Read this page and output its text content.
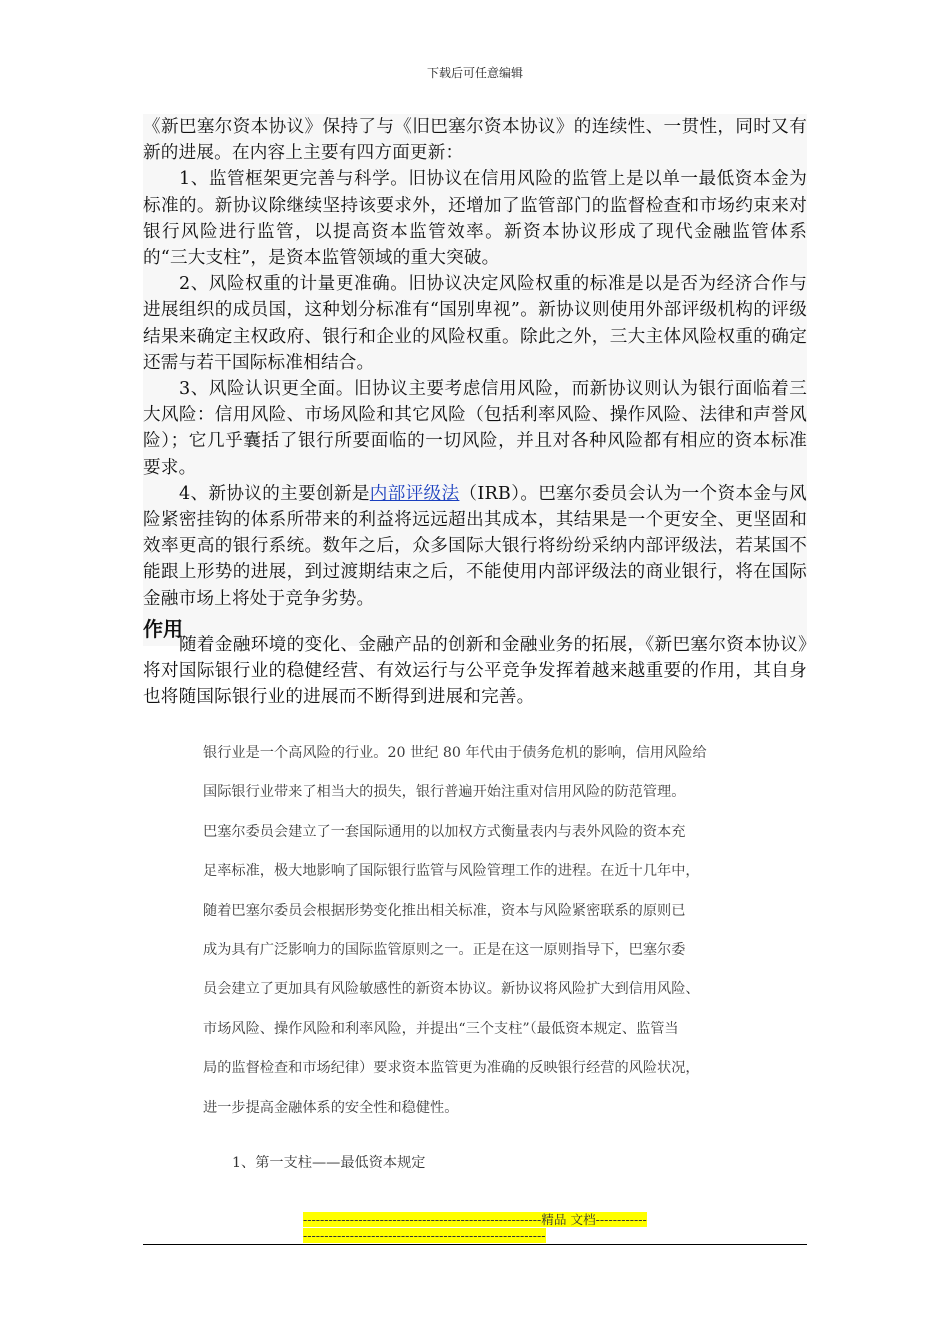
下载后可任意编辑

《新巴塞尔资本协议》保持了与《旧巴塞尔资本协议》的连续性、一贯性，同时又有新的进展。在内容上主要有四方面更新：

1、监管框架更完善与科学。旧协议在信用风险的监管上是以单一最低资本金为标准的。新协议除继续坚持该要求外，还增加了监管部门的监督检查和市场约束来对银行风险进行监管，以提高资本监管效率。新资本协议形成了现代金融监管体系的“三大支柱”，是资本监管领域的重大突破。

2、风险权重的计量更准确。旧协议决定风险权重的标准是以是否为经济合作与进展组织的成员国，这种划分标准有“国别卑视”。新协议则使用外部评级机构的评级结果来确定主权政府、银行和企业的风险权重。除此之外，三大主体风险权重的确定还需与若干国际标准相结合。

3、风险认识更全面。旧协议主要考虑信用风险，而新协议则认为银行面临着三大风险：信用风险、市场风险和其它风险（包括利率风险、操作风险、法律和声誉风险）；它几乎囊括了银行所要面临的一切风险，并且对各种风险都有相应的资本标准要求。

4、新协议的主要创新是内部评级法（IRB）。巴塞尔委员会认为一个资本金与风险紧密挂钩的体系所带来的利益将远远超出其成本，其结果是一个更安全、更坚固和效率更高的银行系统。数年之后，众多国际大银行将纷纷采纳内部评级法，若某国不能跟上形势的进展，到过渡期结束之后，不能使用内部评级法的商业银行，将在国际金融市场上将处于竞争劣势。

作用

随着金融环境的变化、金融产品的创新和金融业务的拓展，《新巴塞尔资本协议》将对国际银行业的稳健经营、有效运行与公平竞争发挥着越来越重要的作用，其自身也将随国际银行业的进展而不断得到进展和完善。

银行业是一个高风险的行业。20 世纪 80 年代由于债务危机的影响，信用风险给

国际银行业带来了相当大的损失，银行普遍开始注重对信用风险的防范管理。

巴塞尔委员会建立了一套国际通用的以加权方式衡量表内与表外风险的资本充

足率标准，极大地影响了国际银行监管与风险管理工作的进程。在近十几年中，

随着巴塞尔委员会根据形势变化推出相关标准，资本与风险紧密联系的原则已

成为具有广泛影响力的国际监管原则之一。正是在这一原则指导下，巴塞尔委

员会建立了更加具有风险敏感性的新资本协议。新协议将风险扩大到信用风险、

市场风险、操作风险和利率风险，并提出“三个支柱”（最低资本规定、监管当

局的监督检查和市场纪律）要求资本监管更为准确的反映银行经营的风险状况，

进一步提高金融体系的安全性和稳健性。

1、第一支柱——最低资本规定

--------------------------------------------------------精品 文档---------------------------------------------------------------------
